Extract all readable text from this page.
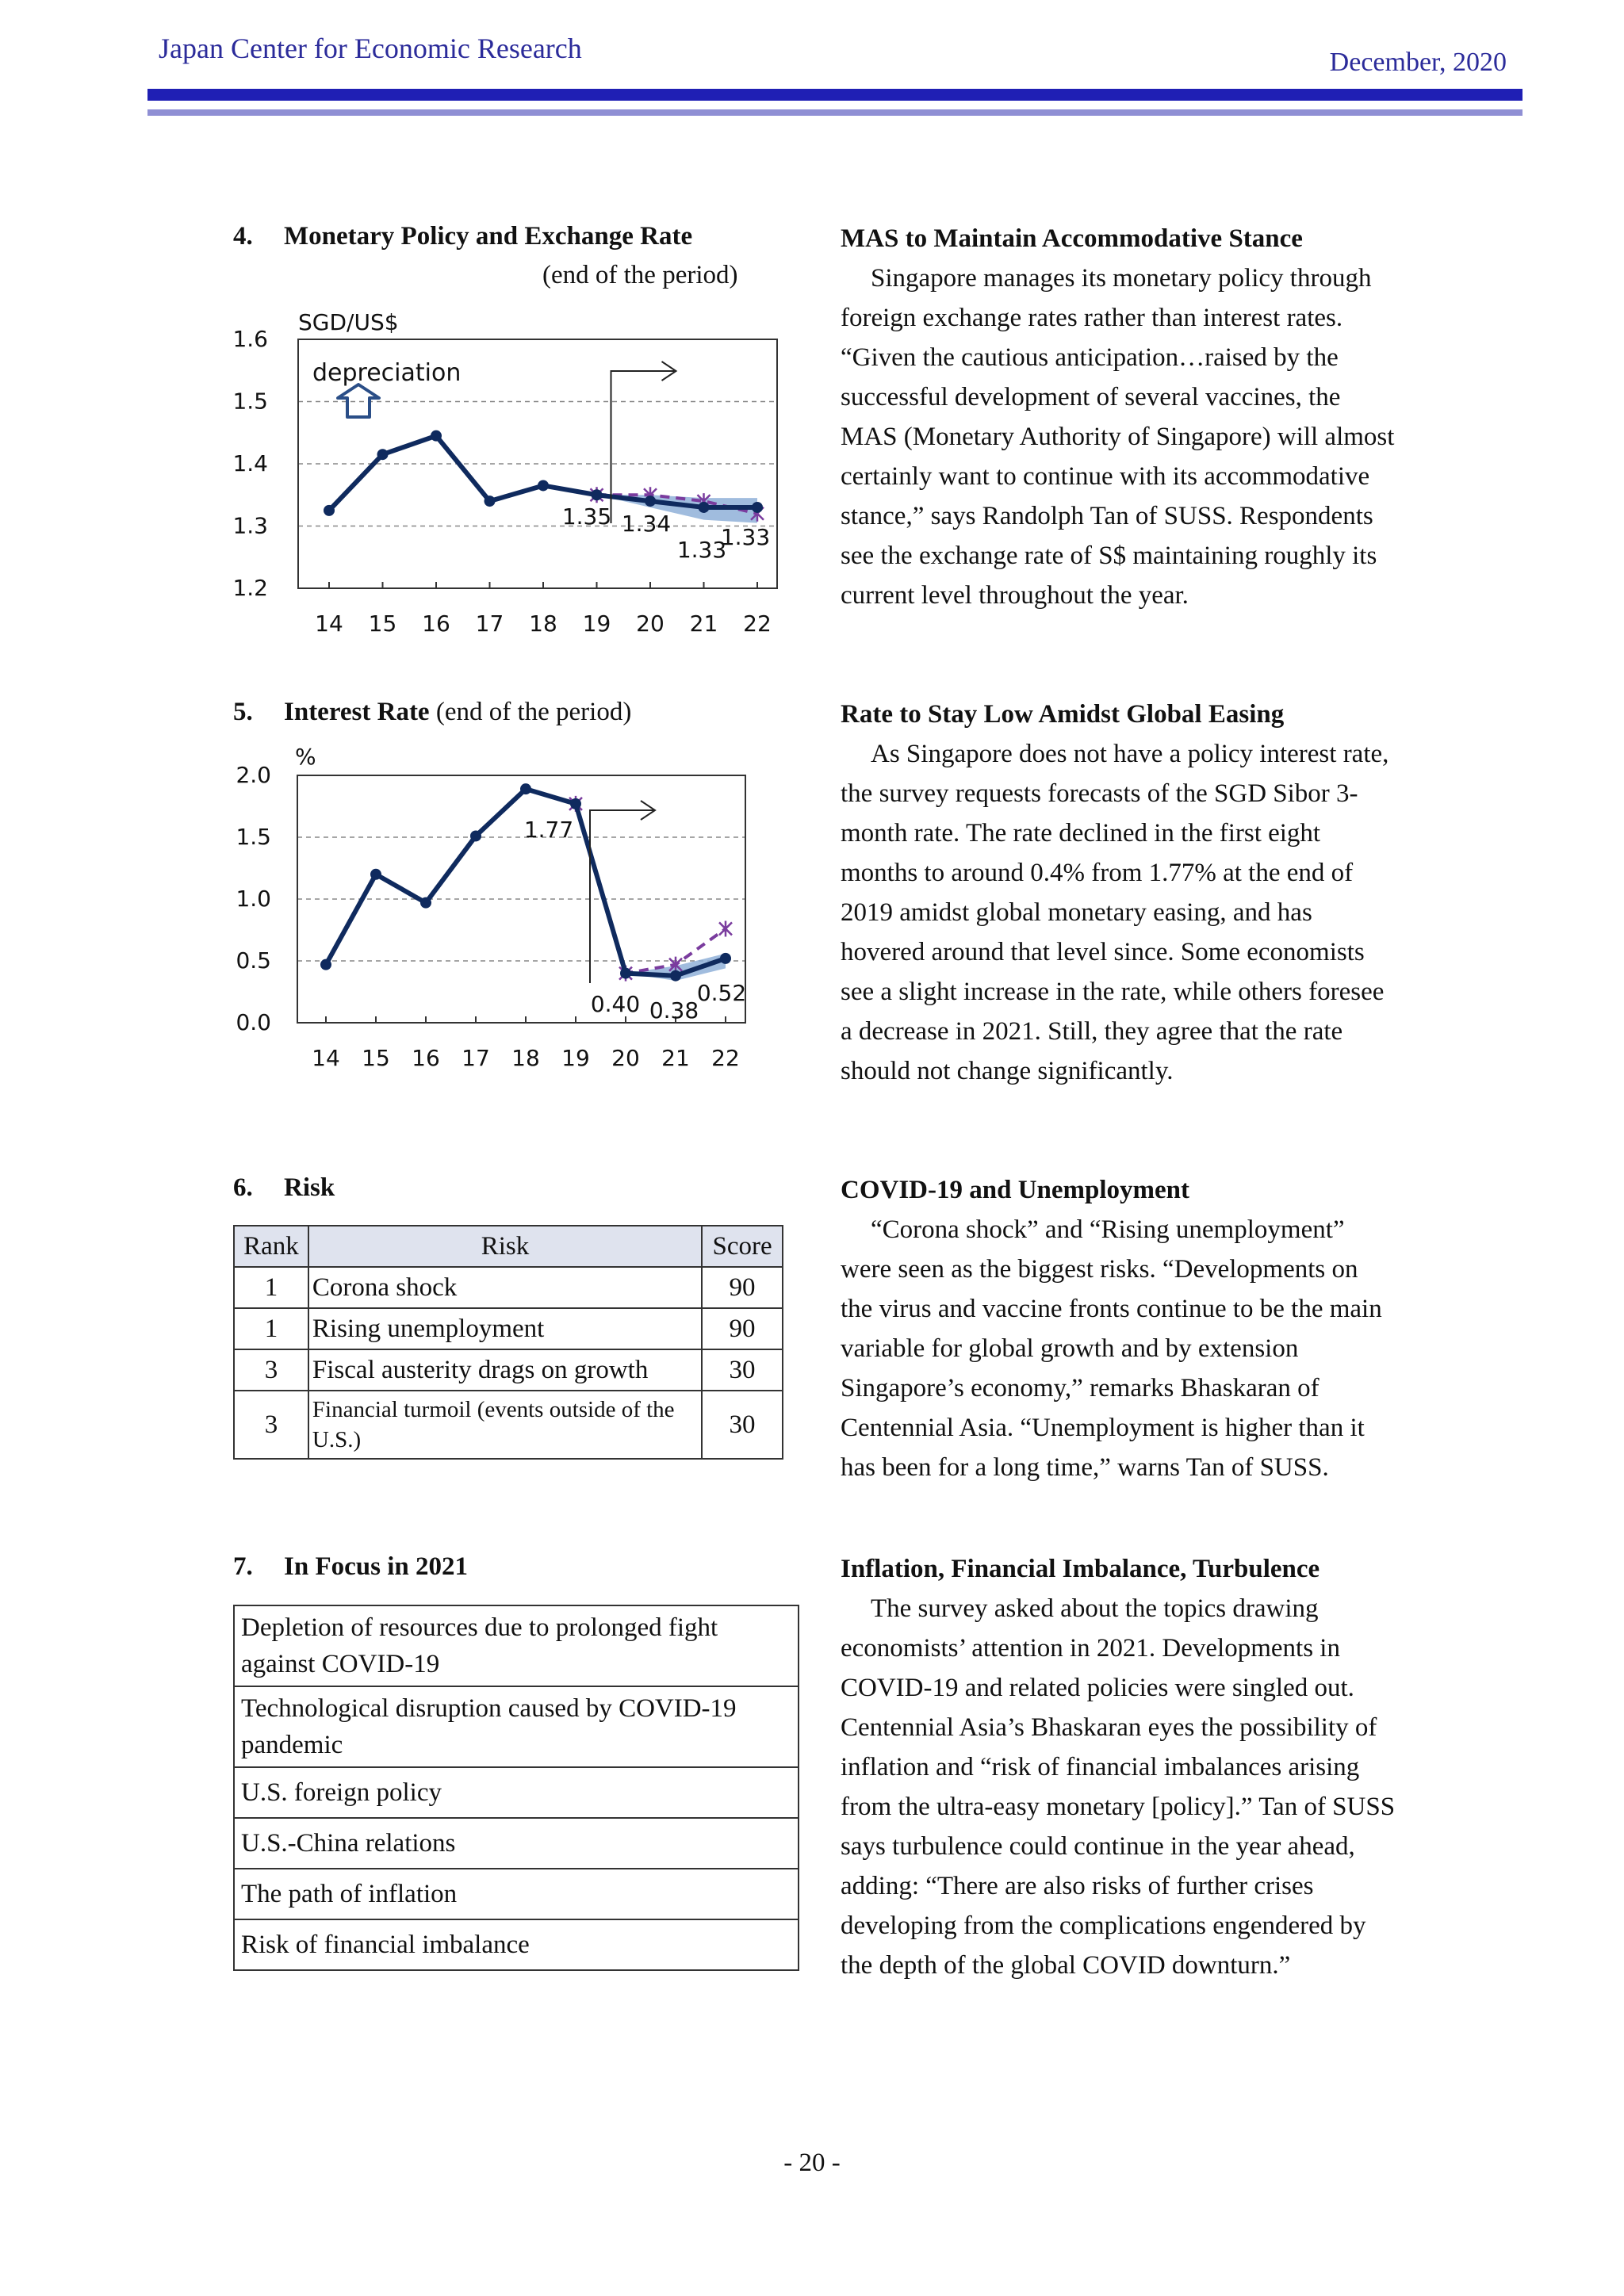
Japan Center for Economic Research	December, 2020
4. Monetary Policy and Exchange Rate
(end of the period)
1.2
1.3
1.4
1.5
1.6
14 15 16 17 18 19 20 21 22
SGD/US$
1.35 1.34
1.33
1.33
depreciation
5. Interest Rate (end of the period)
0.0
0.5
1.0
1.5
2.0
14 15 16 17 18 19 20 21 22
%
1.77
0.40 0.38
0.52
6. Risk
Rank	Risk	Score
1	Corona shock	90
1	Rising unemployment	90
3	Fiscal austerity drags on growth	30
3	Financial turmoil (events outside of the U.S.)	30
7. In Focus in 2021
Depletion of resources due to prolonged fight against COVID-19
Technological disruption caused by COVID-19 pandemic
U.S. foreign policy
U.S.-China relations
The path of inflation
Risk of financial imbalance
MAS to Maintain Accommodative Stance

Singapore manages its monetary policy through foreign exchange rates rather than interest rates. “Given the cautious anticipation…raised by the successful development of several vaccines, the MAS (Monetary Authority of Singapore) will almost certainly want to continue with its accommodative stance,” says Randolph Tan of SUSS. Respondents see the exchange rate of S$ maintaining roughly its current level throughout the year.

Rate to Stay Low Amidst Global Easing

As Singapore does not have a policy interest rate, the survey requests forecasts of the SGD Sibor 3-month rate. The rate declined in the first eight months to around 0.4% from 1.77% at the end of 2019 amidst global monetary easing, and has hovered around that level since. Some economists see a slight increase in the rate, while others foresee a decrease in 2021. Still, they agree that the rate should not change significantly.

COVID-19 and Unemployment

“Corona shock” and “Rising unemployment” were seen as the biggest risks. “Developments on the virus and vaccine fronts continue to be the main variable for global growth and by extension Singapore’s economy,” remarks Bhaskaran of Centennial Asia. “Unemployment is higher than it has been for a long time,” warns Tan of SUSS.

Inflation, Financial Imbalance, Turbulence

The survey asked about the topics drawing economists’ attention in 2021. Developments in COVID-19 and related policies were singled out. Centennial Asia’s Bhaskaran eyes the possibility of inflation and “risk of financial imbalances arising from the ultra-easy monetary [policy].” Tan of SUSS says turbulence could continue in the year ahead, adding: “There are also risks of further crises developing from the complications engendered by the depth of the global COVID downturn.”

- 20 -
